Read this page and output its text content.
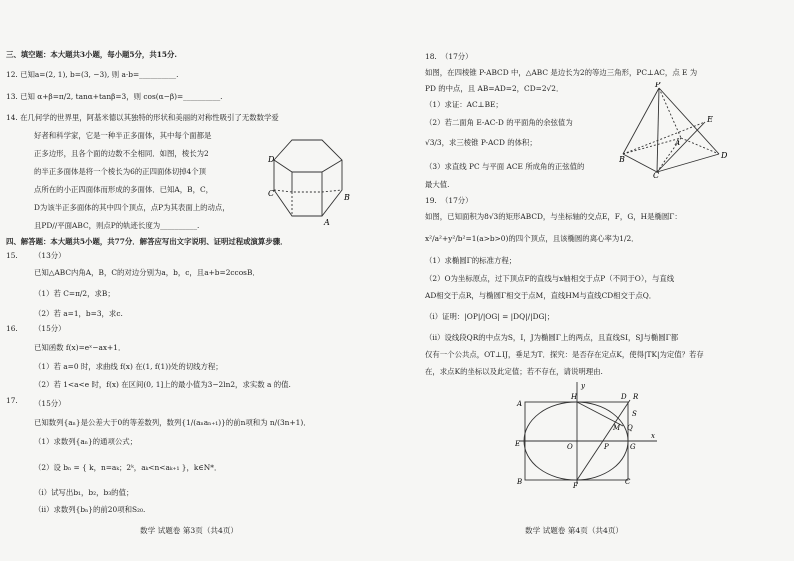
三、填空题：本大题共3小题，每小题5分，共15分.
12. 已知a=(2, 1), b=(3, −3), 则 a·b=__________.
13. 已知 α+β=π/2, tanα+tanβ=3，则 cos(α−β)=__________.
14. 在几何学的世界里，阿基米德以其独特的形状和美丽的对称性吸引了无数数学爱
好者和科学家，它是一种半正多面体，其中每个面都是
正多边形，且各个面的边数不全相同．如图，棱长为2
的半正多面体是将一个棱长为6的正四面体切掉4个顶
点所在的小正四面体而形成的多面体．已知A，B，C，
D为该半正多面体的其中四个顶点，点P为其表面上的动点，
且PD//平面ABC，则点P的轨迹长度为__________.
D
C	B
A
四、解答题：本大题共5小题，共77分．解答应写出文字说明、证明过程或演算步骤．
15. （13分）
已知△ABC内角A，B，C的对边分别为a，b，c，且a+b=2ccosB．
（1）若 C=π/2，求B；
（2）若 a=1，b=3，求c.
16. （15分）
已知函数 f(x)=eˣ−ax+1．
（1）若 a=0 时，求曲线 f(x) 在(1, f(1))处的切线方程；
（2）若 1<a<e 时，f(x) 在区间(0, 1]上的最小值为3−2ln2，求实数 a 的值.
17. （15分）
已知数列{aₙ}是公差大于0的等差数列，数列{1/(aₙaₙ₊₁)}的前n项和为 n/(3n+1)．
（1）求数列{aₙ}的通项公式；
（2）设 bₙ = { k，n=aₖ；2ᵏ，aₖ<n<aₖ₊₁ }，k∈N*．
（i）试写出b₁，b₂，b₃的值；
（ii）求数列{bₙ}的前20项和S₂₀.
数学 试题卷 第3页（共4页）
18. （17分）
如图，在四棱锥 P-ABCD 中，△ABC 是边长为2的等边三角形，PC⊥AC，点 E 为
PD 的中点，且 AB=AD=2，CD=2√2．
（1）求证：AC⊥BE；
（2）若二面角 E-AC-D 的平面角的余弦值为
√3/3，求三棱锥 P-ACD 的体积；
（3）求直线 PC 与平面 ACE 所成角的正弦值的
最大值.
P
E
A
B
C
D
19. （17分）
如图，已知面积为8√3的矩形ABCD，与坐标轴的交点E，F，G，H是椭圆Γ：
x²/a²+y²/b²=1(a>b>0)的四个顶点，且该椭圆的离心率为1/2．
（1）求椭圆Γ的标准方程；
（2）O为坐标原点，过下顶点F的直线与x轴相交于点P（不同于O），与直线
AD相交于点R，与椭圆Γ相交于点M，直线HM与直线CD相交于点Q．
（i）证明：|OP|/|OG| = |DQ|/|DG|；
（ii）设线段QR的中点为S，I，J为椭圆Γ上的两点，且直线SI，SJ与椭圆Γ都
仅有一个公共点，OT⊥IJ，垂足为T．探究：是否存在定点K，使得|TK|为定值？若存
在，求点K的坐标以及此定值；若不存在，请说明理由.
y
A
H	D R
S
M Q
x
E	O	P	G
B	F	C
数学 试题卷 第4页（共4页）
